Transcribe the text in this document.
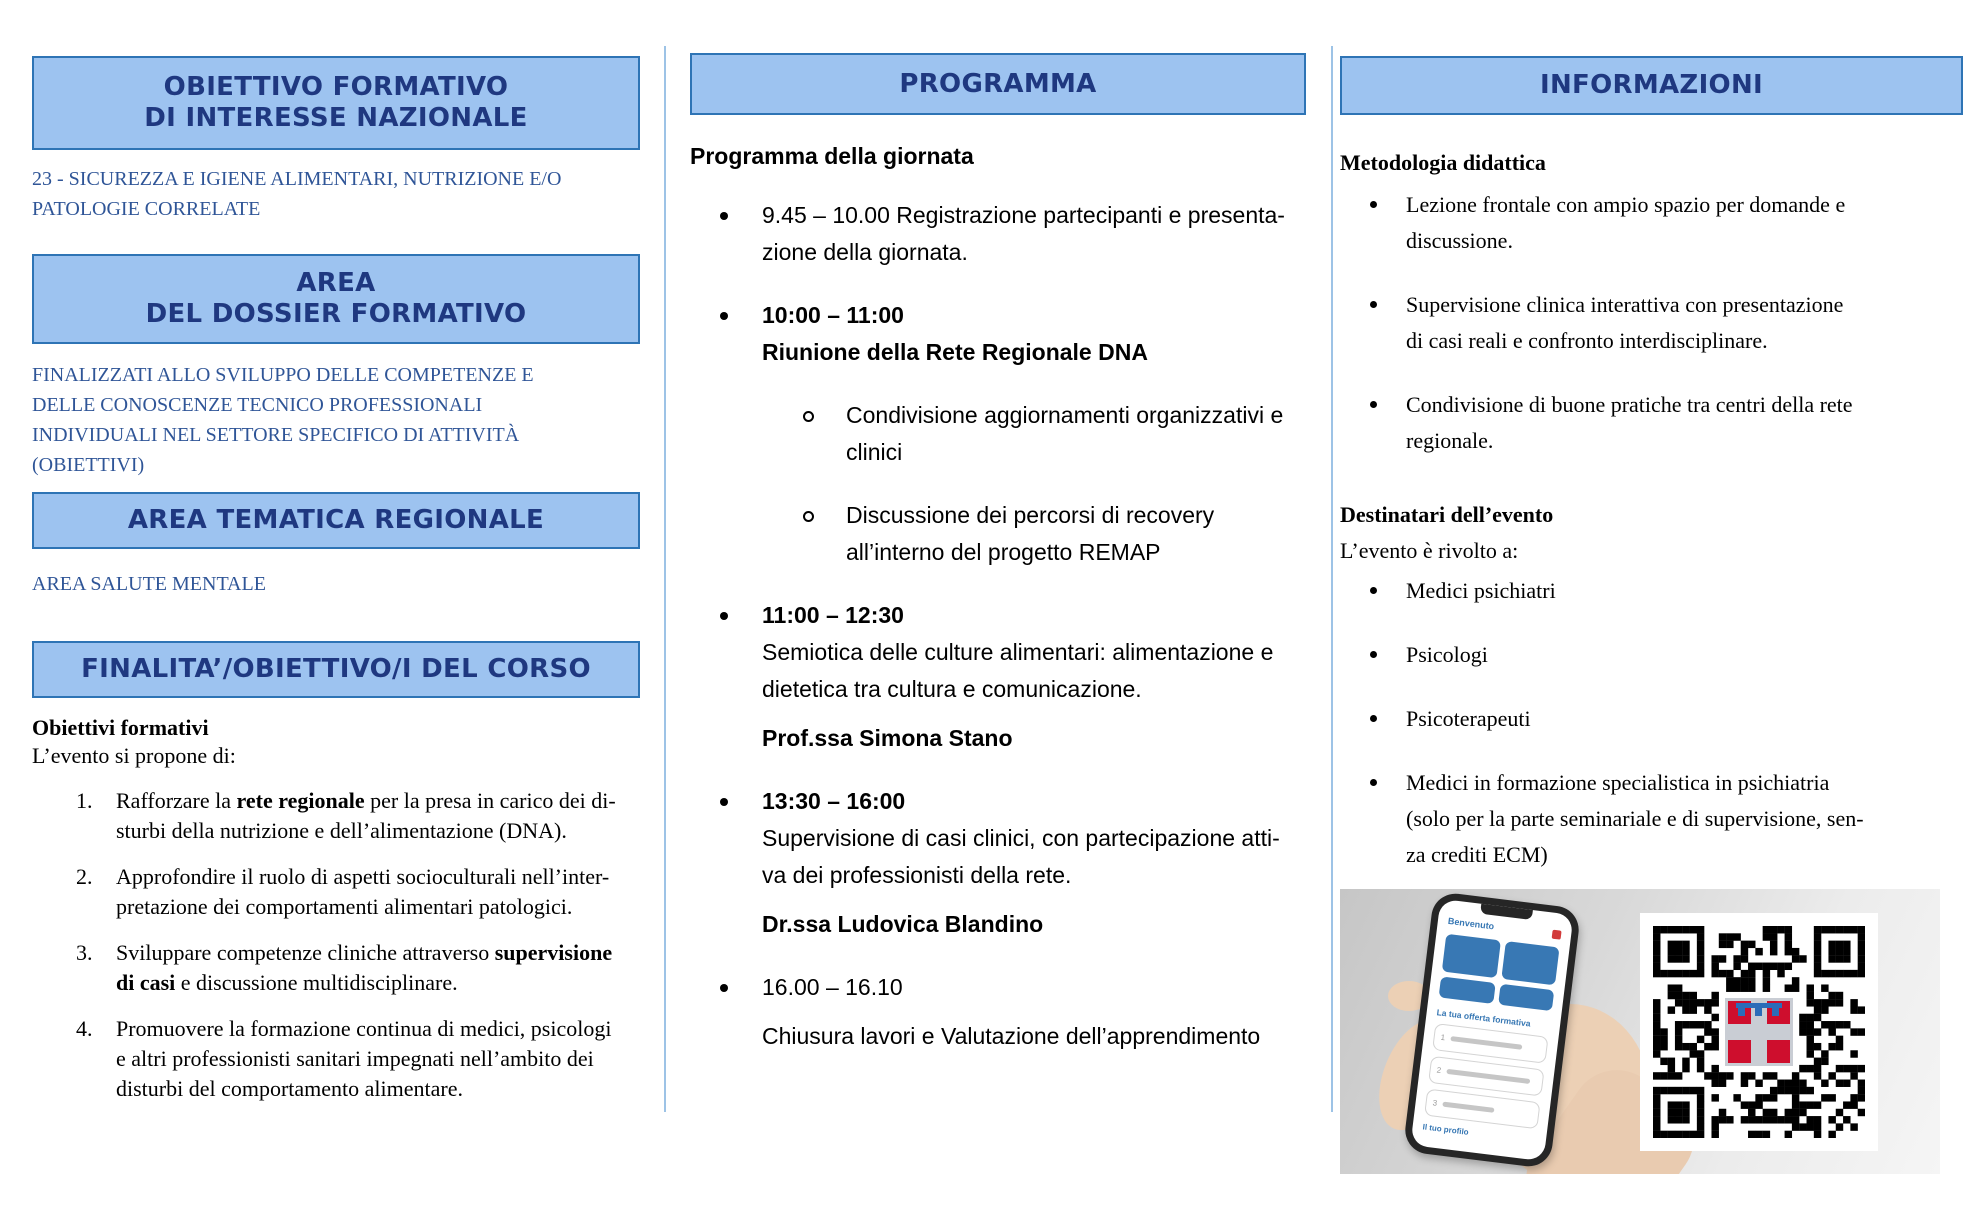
OBIETTIVO FORMATIVO
DI INTERESSE NAZIONALE
23 - SICUREZZA E IGIENE ALIMENTARI, NUTRIZIONE E/O
PATOLOGIE CORRELATE
AREA
DEL DOSSIER FORMATIVO
FINALIZZATI ALLO SVILUPPO DELLE COMPETENZE E
DELLE CONOSCENZE TECNICO PROFESSIONALI
INDIVIDUALI NEL SETTORE SPECIFICO DI ATTIVITÀ
(OBIETTIVI)
AREA TEMATICA REGIONALE
AREA SALUTE MENTALE
FINALITA’/OBIETTIVO/I DEL CORSO
Obiettivi formativi
L’evento si propone di:
1.	Rafforzare la rete regionale per la presa in carico dei di-
sturbi della nutrizione e dell’alimentazione (DNA).
2.	Approfondire il ruolo di aspetti socioculturali nell’inter-
pretazione dei comportamenti alimentari patologici.
3.	Sviluppare competenze cliniche attraverso supervisione
di casi e discussione multidisciplinare.
4.	Promuovere la formazione continua di medici, psicologi
e altri professionisti sanitari impegnati nell’ambito dei
disturbi del comportamento alimentare.
PROGRAMMA
Programma della giornata
9.45 – 10.00 Registrazione partecipanti e presenta-
zione della giornata.
10:00 – 11:00
Riunione della Rete Regionale DNA
Condivisione aggiornamenti organizzativi e
clinici
Discussione dei percorsi di recovery
all’interno del progetto REMAP
11:00 – 12:30
Semiotica delle culture alimentari: alimentazione e
dietetica tra cultura e comunicazione.
Prof.ssa Simona Stano
13:30 – 16:00
Supervisione di casi clinici, con partecipazione atti-
va dei professionisti della rete.
Dr.ssa Ludovica Blandino
16.00 – 16.10
Chiusura lavori e Valutazione dell’apprendimento
INFORMAZIONI
Metodologia didattica
Lezione frontale con ampio spazio per domande e
discussione.
Supervisione clinica interattiva con presentazione
di casi reali e confronto interdisciplinare.
Condivisione di buone pratiche tra centri della rete
regionale.
Destinatari dell’evento
L’evento è rivolto a:
Medici psichiatri
Psicologi
Psicoterapeuti
Medici in formazione specialistica in psichiatria
(solo per la parte seminariale e di supervisione, sen-
za crediti ECM)
Benvenuto
La tua offerta formativa
1
2
3
Il tuo profilo
